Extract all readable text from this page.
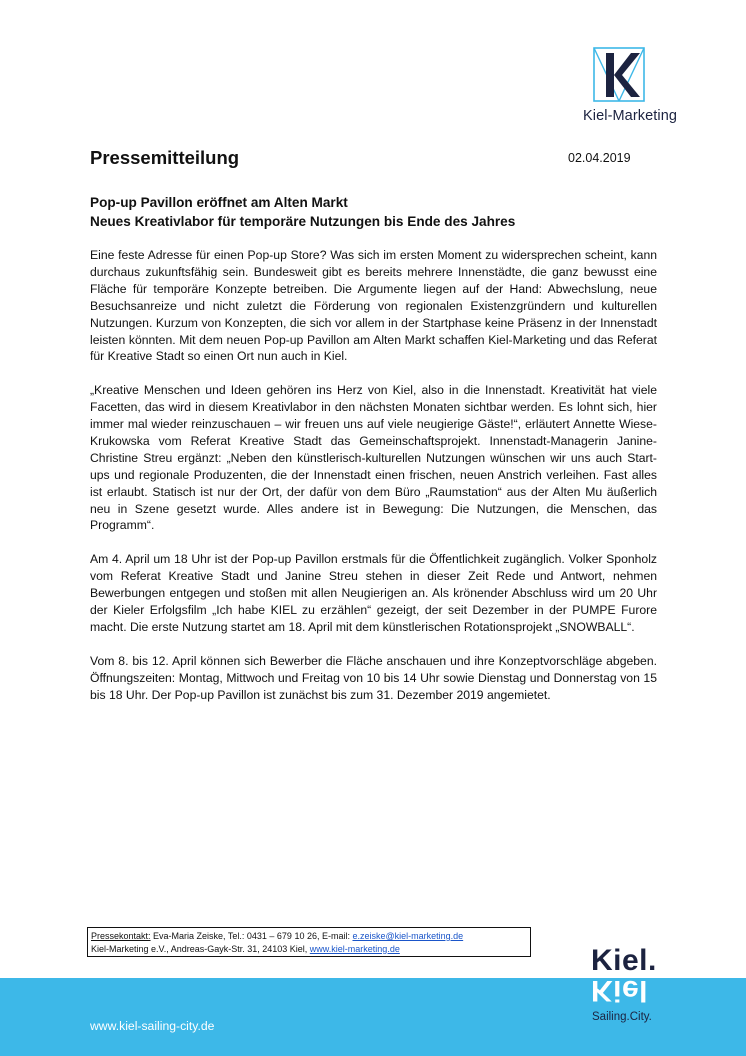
Kiel-Marketing
Pressemitteilung	02.04.2019
Pop-up Pavillon eröffnet am Alten Markt
Neues Kreativlabor für temporäre Nutzungen bis Ende des Jahres

Eine feste Adresse für einen Pop-up Store? Was sich im ersten Moment zu widersprechen scheint, kann durchaus zukunftsfähig sein. Bundesweit gibt es bereits mehrere Innenstädte, die ganz bewusst eine Fläche für temporäre Konzepte betreiben. Die Argumente liegen auf der Hand: Abwechslung, neue Besuchsanreize und nicht zuletzt die Förderung von regionalen Existenzgründern und kulturellen Nutzungen. Kurzum von Konzepten, die sich vor allem in der Startphase keine Präsenz in der Innenstadt leisten könnten. Mit dem neuen Pop-up Pavillon am Alten Markt schaffen Kiel-Marketing und das Referat für Kreative Stadt so einen Ort nun auch in Kiel.

„Kreative Menschen und Ideen gehören ins Herz von Kiel, also in die Innenstadt. Kreativität hat viele Facetten, das wird in diesem Kreativlabor in den nächsten Monaten sichtbar werden. Es lohnt sich, hier immer mal wieder reinzuschauen – wir freuen uns auf viele neugierige Gäste!“, erläutert Annette Wiese-Krukowska vom Referat Kreative Stadt das Gemeinschaftsprojekt. Innenstadt-Managerin Janine-Christine Streu ergänzt: „Neben den künstlerisch-kulturellen Nutzungen wünschen wir uns auch Start-ups und regionale Produzenten, die der Innenstadt einen frischen, neuen Anstrich verleihen. Fast alles ist erlaubt. Statisch ist nur der Ort, der dafür von dem Büro „Raumstation“ aus der Alten Mu äußerlich neu in Szene gesetzt wurde. Alles andere ist in Bewegung: Die Nutzungen, die Menschen, das Programm“.

Am 4. April um 18 Uhr ist der Pop-up Pavillon erstmals für die Öffentlichkeit zugänglich. Volker Sponholz vom Referat Kreative Stadt und Janine Streu stehen in dieser Zeit Rede und Antwort, nehmen Bewerbungen entgegen und stoßen mit allen Neugierigen an. Als krönender Abschluss wird um 20 Uhr der Kieler Erfolgsfilm „Ich habe KIEL zu erzählen“ gezeigt, der seit Dezember in der PUMPE Furore macht. Die erste Nutzung startet am 18. April mit dem künstlerischen Rotationsprojekt „SNOWBALL“.

Vom 8. bis 12. April können sich Bewerber die Fläche anschauen und ihre Konzeptvorschläge abgeben. Öffnungszeiten: Montag, Mittwoch und Freitag von 10 bis 14 Uhr sowie Dienstag und Donnerstag von 15 bis 18 Uhr. Der Pop-up Pavillon ist zunächst bis zum 31. Dezember 2019 angemietet.

Pressekontakt: Eva-Maria Zeiske, Tel.: 0431 – 679 10 26, E-mail: e.zeiske@kiel-marketing.de
Kiel-Marketing e.V., Andreas-Gayk-Str. 31, 24103 Kiel, www.kiel-marketing.de
www.kiel-sailing-city.de
Kiel.
Kiel
Sailing.City.
